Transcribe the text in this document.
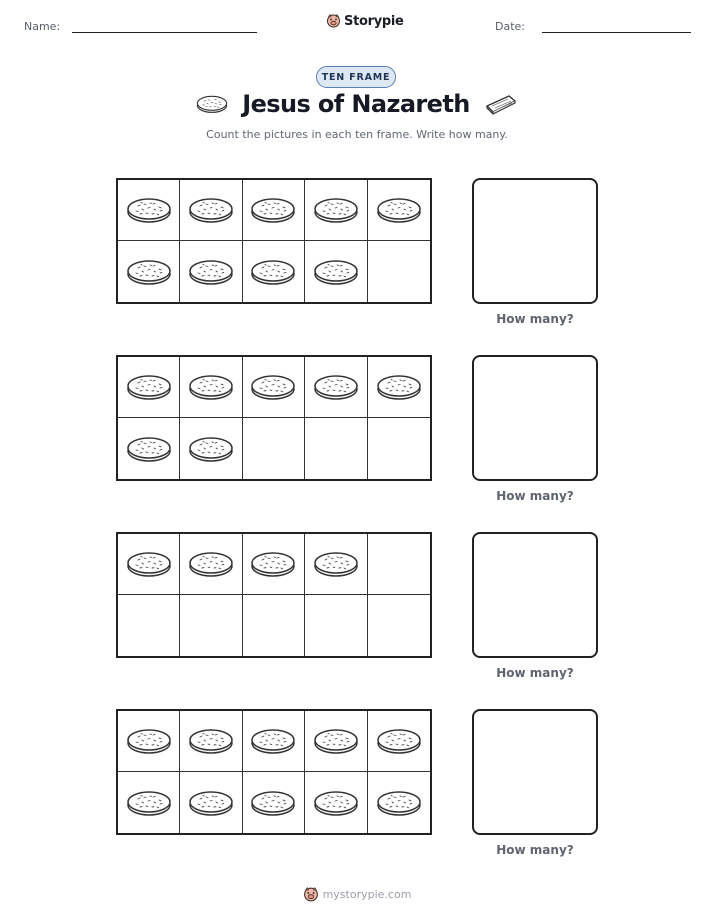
Name:	Storypie	Date:
TEN FRAME
Jesus of Nazareth
Count the pictures in each ten frame. Write how many.
How many?
How many?
How many?
How many?
mystorypie.com
